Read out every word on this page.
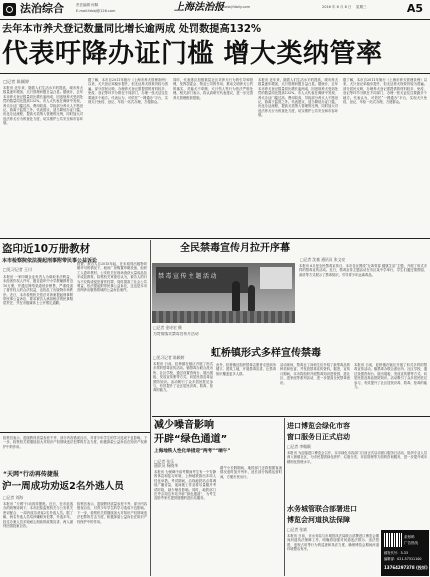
法治综合	责任编辑 何佩
E-mail:fzbbj@126.com	上海法治报
www.jfdaily.com	2016 年 6 月 8 日 星期三	A5
去年本市养犬登记数量同比增长逾两成 处罚数提高132%
代表吁降办证门槛 增大类纳管率
□记者 陈颖婷
本报讯 近年来，随着人们生活水平的提高，城市养犬数量逐年增加，犬只管理问题日益凸显。据统计，去年本市养犬登记数量同比增长逾两成，因违规养犬受到处罚的数量同比提高132%。市人大代表在调研中发现，养犬办证门槛过高、费用较高，导致部分养犬人不愿登记，游离于监管之外。代表建议，适当降低办证门槛，优化办证流程，提高犬类纳入管理的比例，同时加大对违法养犬行为的查处力度，切实维护公共安全和市容环境。
据了解，本市自2011年施行《上海市养犬管理条例》以来，犬只登记率稳步提升，但无证养犬现象仍较为普遍。部分居民反映，办理养犬登记需提供的材料较多，免疫、登记等环节分散在不同部门，办理一张犬证往往要跑多个地方。代表认为，可依托“一网通办”平台，实现犬只免疫、登记、年检一站式办理，方便群众。
同时，代表建议加强基层社区对养犬行为的引导和管理，发挥居委会、物业公司的作用，推动文明养犬公约的落实，对遛犬不牵绳、犬只伤人等行为依法严格处理。相关部门表示，将认真研究代表建议，进一步完善养犬管理配套措施。
本报讯 近年来，随着人们生活水平的提高，城市养犬数量逐年增加，犬只管理问题日益凸显。据统计，去年本市养犬登记数量同比增长逾两成，因违规养犬受到处罚的数量同比提高132%。市人大代表在调研中发现，养犬办证门槛过高、费用较高，导致部分养犬人不愿登记，游离于监管之外。代表建议，适当降低办证门槛，优化办证流程，提高犬类纳入管理的比例，同时加大对违法养犬行为的查处力度，切实维护公共安全和市容环境。
据了解，本市自2011年施行《上海市养犬管理条例》以来，犬只登记率稳步提升，但无证养犬现象仍较为普遍。部分居民反映，办理养犬登记需提供的材料较多，免疫、登记等环节分散在不同部门，办理一张犬证往往要跑多个地方。代表认为，可依托“一网通办”平台，实现犬只免疫、登记、年检一站式办理，方便群众。
盗印近10万册教材
本市检察院依法提起刑事附带民事公益诉讼
□见习记者 王川
本报讯 一家印刷企业负责人为谋取非法利益，未经著作权人许可，擅自盗印中小学教辅教材近10万册，并通过网络渠道低价销售，严重侵害了著作权人的合法权益，也扰乱了出版物市场秩序。近日，本市检察机关依法对该案提起刑事附带民事公益诉讼，要求被告人承担相应的民事赔偿责任，并在市级媒体上公开赔礼道歉。
经查，被告人自2015年起，在未取得出版物印刷许可的情况下，租用厂房购置印刷设备，组织工人盗印教材。公安机关在现场查获大量成品及半成品教材。检察机关审查后认为，被告人的行为不仅构成侵犯著作权罪，同时损害了社会公共利益，依法提起附带民事公益诉讼，这也是本市首例涉出版物领域的公益诉讼案件。
全民禁毒宣传月拉开序幕
□记者 沈蓁 通讯员 张文亮
禁毒宣传主题活动
本报讯 6月是全民禁毒宣传月，本市各区围绕“无毒青春 健康生活”主题，开展了形式多样的禁毒宣传活动。近日，禁毒宣传主题活动在市区某中学举行，学生们通过情景剧、演讲等方式展示了禁毒知识，引导青少年远离毒品。
□记者 金诗宏 摄
为贯彻落实禁毒宣传月活动
虹桥镇形式多样宣传禁毒
□见习记者 陈颖婷
本报讯 日前，虹桥镇在辖区开展了形式多样的禁毒宣传活动。镇禁毒办联合派出所、社区学校，通过设置咨询台、展出展板、发放宣传册等方式，向居民普及毒品预防知识。活动吸引了众多居民驻足参与，有效提升了社区居民识毒、防毒、拒毒的能力。
此外，虹桥镇还组织禁毒志愿者走进商务楼宇、建筑工地，开展禁毒宣讲，让禁毒知识覆盖更多人群。
活动现场，禁毒社工向师生们介绍了新型毒品的种类和危害，并发放禁毒宣传资料。据悉，宣传月期间，本市将组织开展禁毒知识进校园、进社区、进家庭等系列活动，进一步提高全民禁毒意识。
本报讯 日前，虹桥镇在辖区开展了形式多样的禁毒宣传活动。镇禁毒办联合派出所、社区学校，通过设置咨询台、展出展板、发放宣传册等方式，向居民普及毒品预防知识。活动吸引了众多居民驻足参与，有效提升了社区居民识毒、防毒、拒毒的能力。
减少噪音影响
开辟“绿色通道”
上海地铁人性化举措迎“两考”“端午”
□记者 张乐
通讯员 杨晓华
本报讯 为保障中高考期间考生有一个安静的休息和复习环境，上海地铁推出多项人性化举措。考试期间，沿线地铁站点将调低广播音量，夜间施工作业将尽量避开考试时段，减少噪音影响。同时，地铁部门在考点周边车站开辟“绿色通道”，为考生及陪考家长提供便捷的进出站服务。
端午小长假期间，地铁部门还将根据客流情况适时加开列车，延长部分线路运营时间，方便市民出行。
进口博览会绿化市容
窗口服务日正式启动
□记者 李翰颖
本报讯 为迎接进口博览会召开，本市绿化市容部门日前正式启动窗口服务日活动，组织专业人员深入街镇社区，为市民提供绿化养护、垃圾分类、市容管理等方面的咨询服务，进一步提升城市精细化管理水平。
水务城管联合部署进口
博览会河道执法保障
□记者 张斌
本报讯 日前，市水务局与市城管执法局联合部署进口博览会期间河道执法保障工作，明确将加强对河道违法排污、违法搭建、违规占用等行为的巡查和执法力度，确保博览会期间河道环境整洁有序。
条形码
广告热线
邮发代号：3-33
编辑部：021-57311100
13764297378 (投诉)
“天网”行动再传捷报
沪一周成功劝返2名外逃人员
□记者 刘海
本报讯 “天网”行动再传捷报。近日，在市追逃办的统筹协调下，本市纪检监察机关与公安机关密切配合，一周内成功劝返2名外逃人员。据了解，两名外逃人员均涉嫌职务犯罪，外逃多年。经过办案人员多轮耐心细致的政策宣讲，两人最终回国投案自首。
检察官表示，盗版教材质量参差不齐，部分内容错误百出，对青少年学生的学习造成不良影响。下一步，检察机关将继续加大对知识产权领域违法犯罪的打击力度，积极探索公益诉讼在知识产权保护中的作用。
检察官表示，盗版教材质量参差不齐，部分内容错误百出，对青少年学生的学习造成不良影响。下一步，检察机关将继续加大对知识产权领域违法犯罪的打击力度，积极探索公益诉讼在知识产权保护中的作用。
